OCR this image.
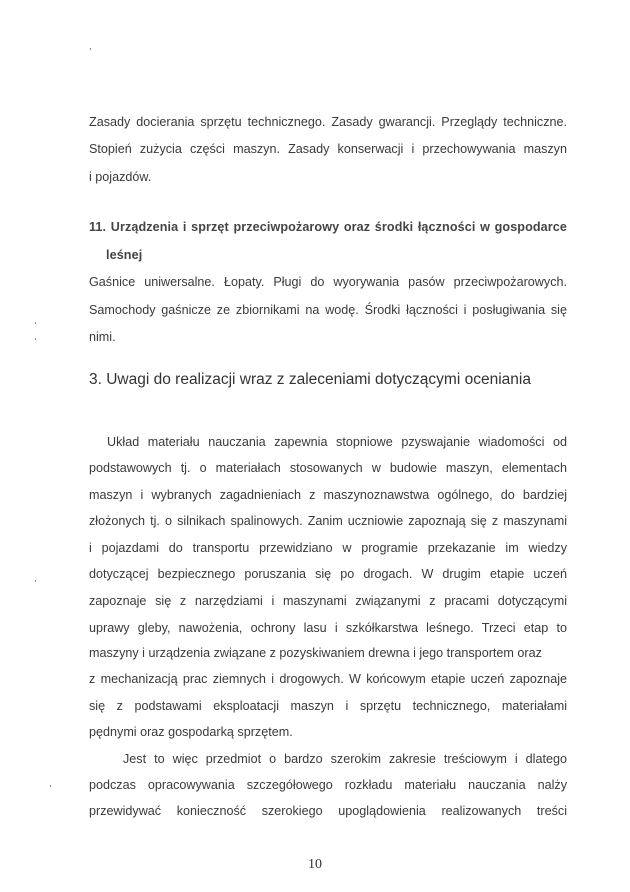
Zasady docierania sprzętu technicznego. Zasady gwarancji. Przeglądy techniczne.
Stopień zużycia części maszyn. Zasady konserwacji i przechowywania maszyn
i pojazdów.
11. Urządzenia i sprzęt przeciwpożarowy oraz środki łączności w gospodarce
leśnej
Gaśnice uniwersalne. Łopaty. Pługi do wyorywania pasów przeciwpożarowych.
Samochody gaśnicze ze zbiornikami na wodę. Środki łączności i posługiwania się
nimi.
3. Uwagi do realizacji wraz z zaleceniami dotyczącymi oceniania
Układ materiału nauczania zapewnia stopniowe pzyswajanie wiadomości od
podstawowych tj. o materiałach stosowanych w budowie maszyn, elementach
maszyn i wybranych zagadnieniach z maszynoznawstwa ogólnego, do bardziej
złożonych tj. o silnikach spalinowych. Zanim uczniowie zapoznają się z maszynami
i pojazdami do transportu przewidziano w programie przekazanie im wiedzy
dotyczącej bezpiecznego poruszania się po drogach. W drugim etapie uczeń
zapoznaje się z narzędziami i maszynami związanymi z pracami dotyczącymi
uprawy gleby, nawożenia, ochrony lasu i szkółkarstwa leśnego. Trzeci etap to
maszyny i urządzenia związane z pozyskiwaniem drewna i jego transportem oraz
z mechanizacją prac ziemnych i drogowych. W końcowym etapie uczeń zapoznaje
się z podstawami eksploatacji maszyn i sprzętu technicznego, materiałami
pędnymi oraz gospodarką sprzętem.
Jest to więc przedmiot o bardzo szerokim zakresie treściowym i dlatego
podczas opracowywania szczegółowego rozkładu materiału nauczania nalży
przewidywać konieczność szerokiego upoglądowienia realizowanych treści
10
